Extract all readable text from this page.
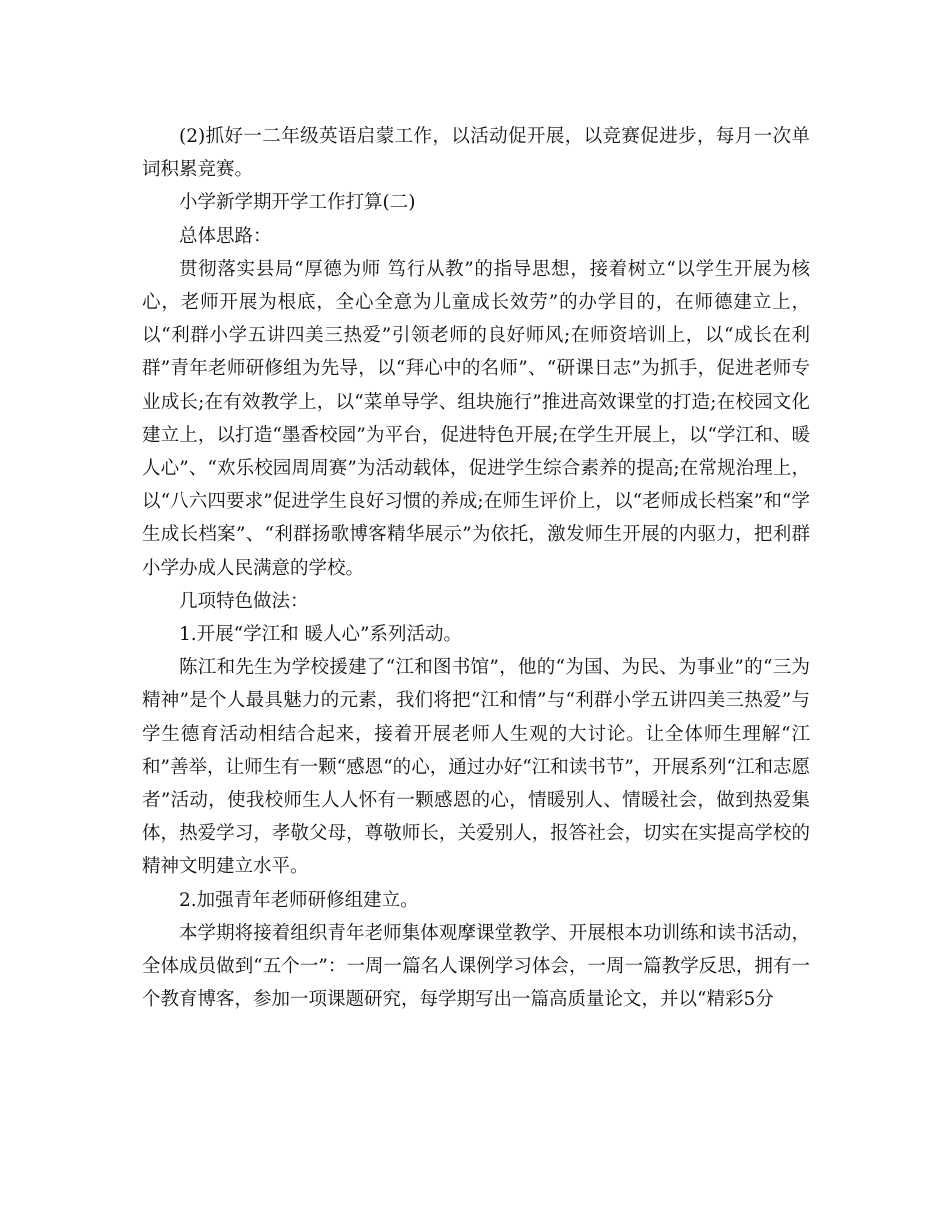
(2)抓好一二年级英语启蒙工作，以活动促开展，以竞赛促进步，每月一次单词积累竞赛。

小学新学期开学工作打算(二)

总体思路：

贯彻落实县局“厚德为师 笃行从教”的指导思想，接着树立“以学生开展为核心，老师开展为根底，全心全意为儿童成长效劳”的办学目的，在师德建立上，以“利群小学五讲四美三热爱”引领老师的良好师风;在师资培训上，以“成长在利群”青年老师研修组为先导，以“拜心中的名师”、“研课日志”为抓手，促进老师专业成长;在有效教学上，以“菜单导学、组块施行”推进高效课堂的打造;在校园文化建立上，以打造“墨香校园”为平台，促进特色开展;在学生开展上，以“学江和、暖人心”、“欢乐校园周周赛”为活动载体，促进学生综合素养的提高;在常规治理上，以“八六四要求”促进学生良好习惯的养成;在师生评价上，以“老师成长档案”和“学生成长档案”、“利群扬歌博客精华展示”为依托，激发师生开展的内驱力，把利群小学办成人民满意的学校。

几项特色做法：

1.开展“学江和 暖人心”系列活动。

陈江和先生为学校援建了“江和图书馆”，他的“为国、为民、为事业”的“三为精神”是个人最具魅力的元素，我们将把“江和情”与“利群小学五讲四美三热爱”与学生德育活动相结合起来，接着开展老师人生观的大讨论。让全体师生理解“江和”善举，让师生有一颗“感恩“的心，通过办好“江和读书节”，开展系列“江和志愿者”活动，使我校师生人人怀有一颗感恩的心，情暖别人、情暖社会，做到热爱集体，热爱学习，孝敬父母，尊敬师长，关爱别人，报答社会，切实在实提高学校的精神文明建立水平。

2.加强青年老师研修组建立。

本学期将接着组织青年老师集体观摩课堂教学、开展根本功训练和读书活动，全体成员做到“五个一”：一周一篇名人课例学习体会，一周一篇教学反思，拥有一个教育博客，参加一项课题研究，每学期写出一篇高质量论文，并以“精彩5分
